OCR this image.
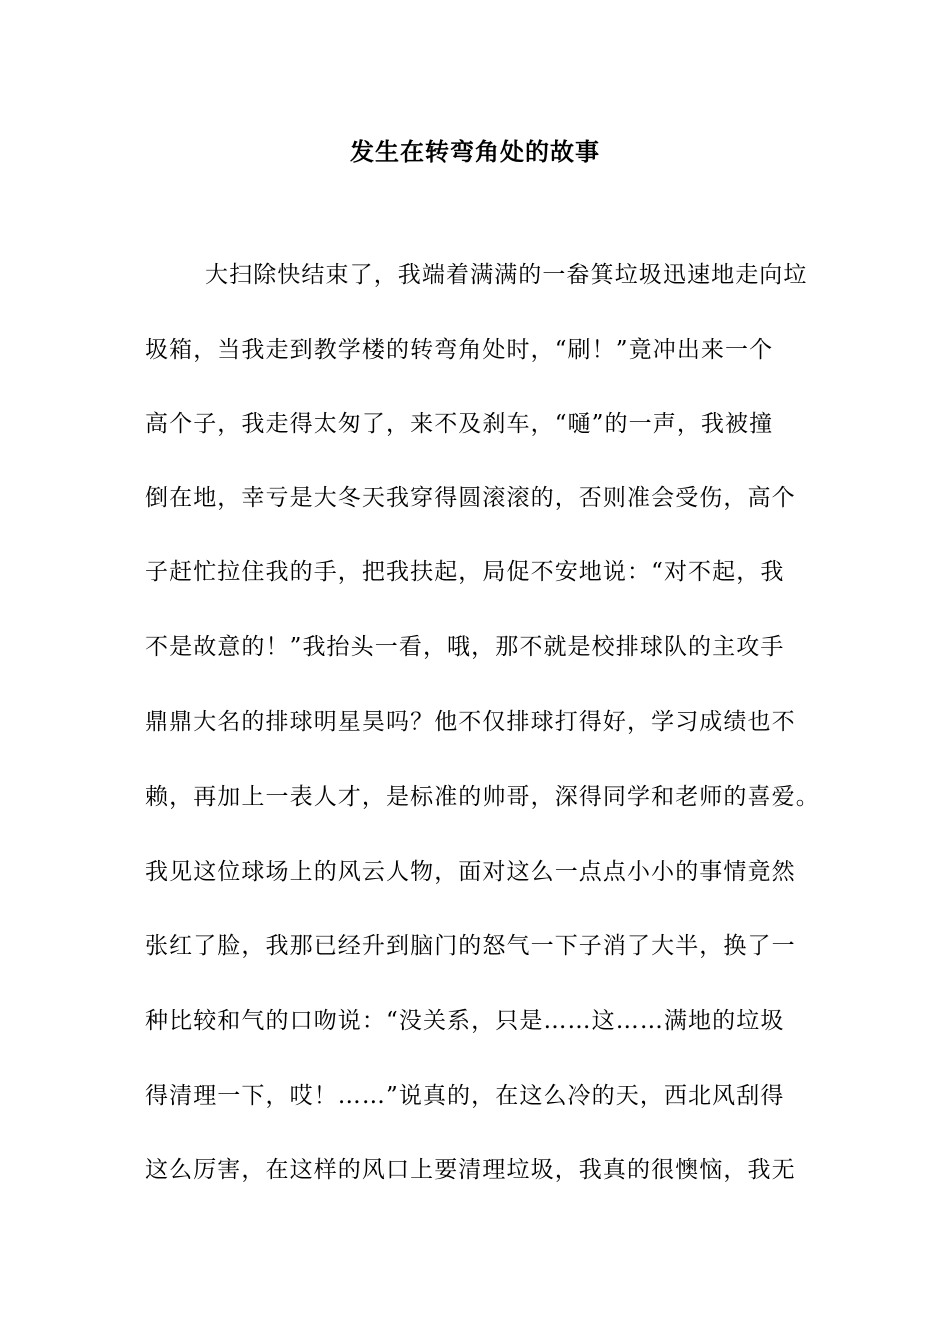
发生在转弯角处的故事
大扫除快结束了，我端着满满的一畚箕垃圾迅速地走向垃
圾箱，当我走到教学楼的转弯角处时，“刷！”竟冲出来一个
高个子，我走得太匆了，来不及刹车，“嗵”的一声，我被撞
倒在地，幸亏是大冬天我穿得圆滚滚的，否则准会受伤，高个
子赶忙拉住我的手，把我扶起，局促不安地说：“对不起，我
不是故意的！”我抬头一看，哦，那不就是校排球队的主攻手
鼎鼎大名的排球明星昊吗？他不仅排球打得好，学习成绩也不
赖，再加上一表人才，是标准的帅哥，深得同学和老师的喜爱。
我见这位球场上的风云人物，面对这么一点点小小的事情竟然
张红了脸，我那已经升到脑门的怒气一下子消了大半，换了一
种比较和气的口吻说：“没关系，只是……这……满地的垃圾
得清理一下，哎！……”说真的，在这么冷的天，西北风刮得
这么厉害，在这样的风口上要清理垃圾，我真的很懊恼，我无
